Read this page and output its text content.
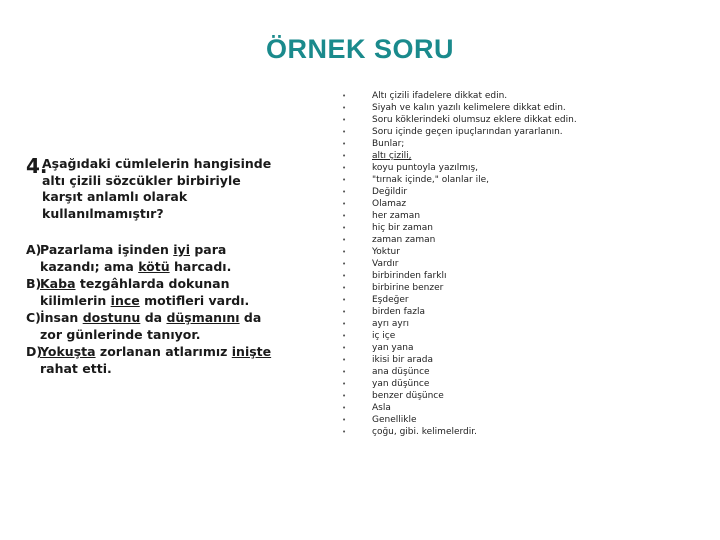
ÖRNEK SORU
4.
Aşağıdaki cümlelerin hangisinde altı çizili sözcükler birbiriyle karşıt anlamlı olarak kullanılmamıştır?
A)
Pazarlama işinden iyi para kazandı; ama kötü harcadı.
B)
Kaba tezgâhlarda dokunan kilimlerin ince motifleri vardı.
C) İnsan dostunu da düşmanını da zor günlerinde tanıyor.
D)
Yokuşta zorlanan atlarımız inişte rahat etti.
•	Altı çizili ifadelere dikkat edin.
•	Siyah ve kalın yazılı kelimelere dikkat edin.
•	Soru köklerindeki olumsuz eklere dikkat edin.
•	Soru içinde geçen ipuçlarından yararlanın.
•	Bunlar;
•	altı çizili,
•	koyu puntoyla yazılmış,
•	"tırnak içinde," olanlar ile,
•	Değildir
•	Olamaz
•	her zaman
•	hiç bir zaman
•	zaman zaman
•	Yoktur
•	Vardır
•	birbirinden farklı
•	birbirine benzer
•	Eşdeğer
•	birden fazla
•	ayrı ayrı
•	iç içe
•	yan yana
•	ikisi bir arada
•	ana düşünce
•	yan düşünce
•	benzer düşünce
•	Asla
•	Genellikle
•	çoğu, gibi. kelimelerdir.
